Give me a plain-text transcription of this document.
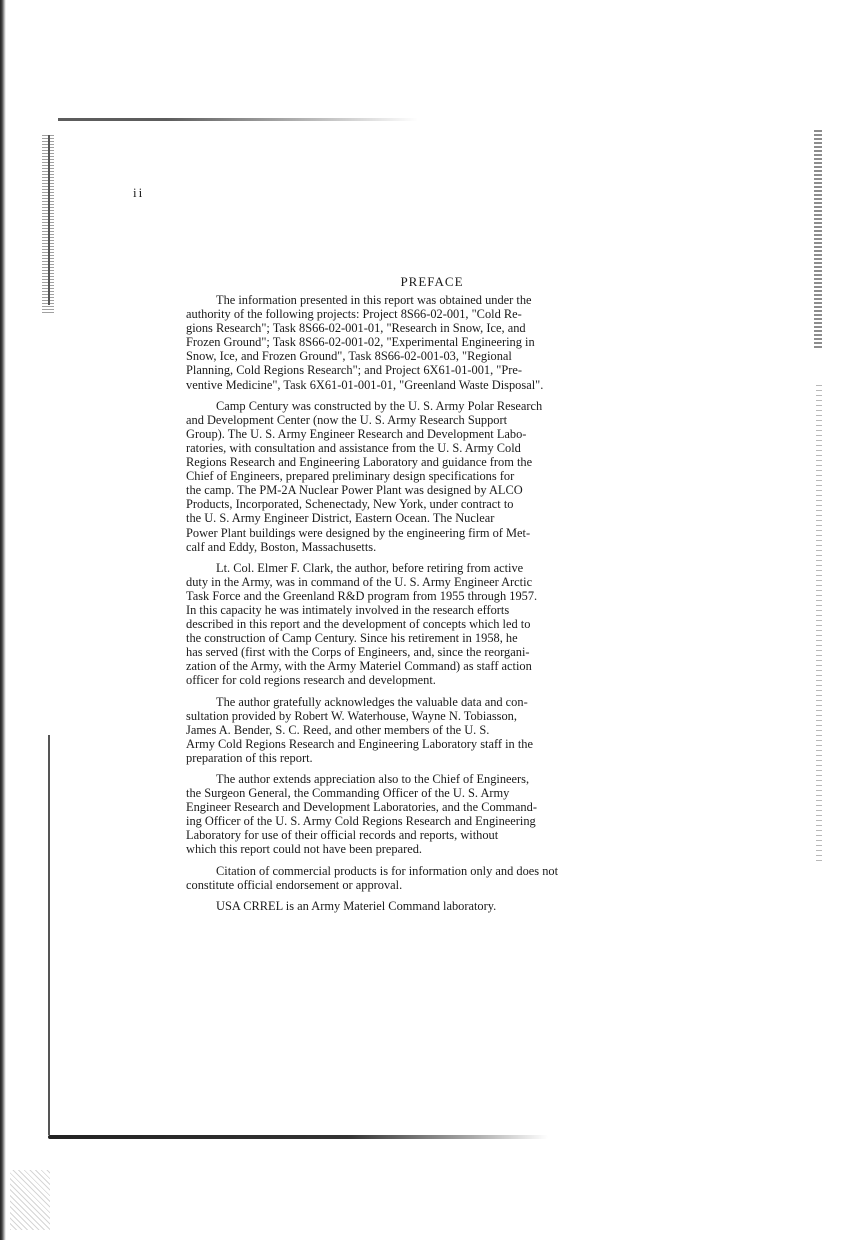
ii

PREFACE

The information presented in this report was obtained under the
authority of the following projects: Project 8S66-02-001, "Cold Re-
gions Research"; Task 8S66-02-001-01, "Research in Snow, Ice, and
Frozen Ground"; Task 8S66-02-001-02, "Experimental Engineering in
Snow, Ice, and Frozen Ground", Task 8S66-02-001-03, "Regional
Planning, Cold Regions Research"; and Project 6X61-01-001, "Pre-
ventive Medicine", Task 6X61-01-001-01, "Greenland Waste Disposal".

Camp Century was constructed by the U. S. Army Polar Research
and Development Center (now the U. S. Army Research Support
Group). The U. S. Army Engineer Research and Development Labo-
ratories, with consultation and assistance from the U. S. Army Cold
Regions Research and Engineering Laboratory and guidance from the
Chief of Engineers, prepared preliminary design specifications for
the camp. The PM-2A Nuclear Power Plant was designed by ALCO
Products, Incorporated, Schenectady, New York, under contract to
the U. S. Army Engineer District, Eastern Ocean. The Nuclear
Power Plant buildings were designed by the engineering firm of Met-
calf and Eddy, Boston, Massachusetts.

Lt. Col. Elmer F. Clark, the author, before retiring from active
duty in the Army, was in command of the U. S. Army Engineer Arctic
Task Force and the Greenland R&D program from 1955 through 1957.
In this capacity he was intimately involved in the research efforts
described in this report and the development of concepts which led to
the construction of Camp Century. Since his retirement in 1958, he
has served (first with the Corps of Engineers, and, since the reorgani-
zation of the Army, with the Army Materiel Command) as staff action
officer for cold regions research and development.

The author gratefully acknowledges the valuable data and con-
sultation provided by Robert W. Waterhouse, Wayne N. Tobiasson,
James A. Bender, S. C. Reed, and other members of the U. S.
Army Cold Regions Research and Engineering Laboratory staff in the
preparation of this report.

The author extends appreciation also to the Chief of Engineers,
the Surgeon General, the Commanding Officer of the U. S. Army
Engineer Research and Development Laboratories, and the Command-
ing Officer of the U. S. Army Cold Regions Research and Engineering
Laboratory for use of their official records and reports, without
which this report could not have been prepared.

Citation of commercial products is for information only and does not
constitute official endorsement or approval.

USA CRREL is an Army Materiel Command laboratory.
